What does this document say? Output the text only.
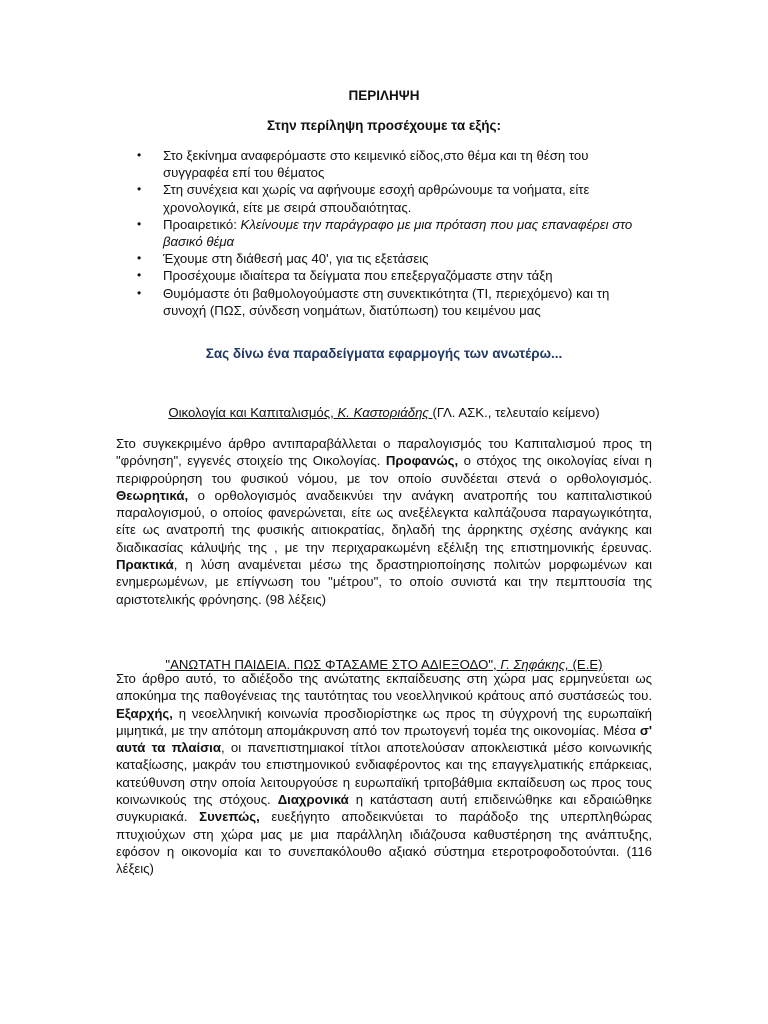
ΠΕΡΙΛΗΨΗ
Στην περίληψη προσέχουμε τα εξής:
• Στο ξεκίνημα αναφερόμαστε στο κειμενικό είδος,στο θέμα και τη θέση του συγγραφέα επί του θέματος
• Στη συνέχεια και χωρίς να αφήνουμε εσοχή αρθρώνουμε τα νοήματα, είτε χρονολογικά, είτε με σειρά σπουδαιότητας.
• Προαιρετικό: Κλείνουμε την παράγραφο με μια πρόταση που μας επαναφέρει στο βασικό θέμα
• Έχουμε στη διάθεσή μας 40', για τις εξετάσεις
• Προσέχουμε ιδιαίτερα τα δείγματα που επεξεργαζόμαστε στην τάξη
• Θυμόμαστε ότι βαθμολογούμαστε στη συνεκτικότητα (ΤΙ, περιεχόμενο) και τη συνοχή (ΠΩΣ, σύνδεση νοημάτων, διατύπωση) του κειμένου μας
Σας δίνω ένα παραδείγματα εφαρμογής των ανωτέρω...
Οικολογία και Καπιταλισμός, Κ. Καστοριάδης (ΓΛ. ΑΣΚ., τελευταίο κείμενο)

Στο συγκεκριμένο άρθρο αντιπαραβάλλεται ο παραλογισμός του Καπιταλισμού προς τη "φρόνηση", εγγενές στοιχείο της Οικολογίας. Προφανώς, ο στόχος της οικολογίας είναι η περιφρούρηση του φυσικού νόμου, με τον οποίο συνδέεται στενά ο ορθολογισμός. Θεωρητικά, ο ορθολογισμός αναδεικνύει την ανάγκη ανατροπής του καπιταλιστικού παραλογισμού, ο οποίος φανερώνεται, είτε ως ανεξέλεγκτα καλπάζουσα παραγωγικότητα, είτε ως ανατροπή της φυσικής αιτιοκρατίας, δηλαδή της άρρηκτης σχέσης ανάγκης και διαδικασίας κάλυψής της , με την περιχαρακωμένη εξέλιξη της επιστημονικής έρευνας. Πρακτικά, η λύση αναμένεται μέσω της δραστηριοποίησης πολιτών μορφωμένων και ενημερωμένων, με επίγνωση του "μέτρου", το οποίο συνιστά και την πεμπτουσία της αριστοτελικής φρόνησης. (98 λέξεις)

"ΑΝΩΤΑΤΗ ΠΑΙΔΕΙΑ. ΠΩΣ ΦΤΑΣΑΜΕ ΣΤΟ ΑΔΙΕΞΟΔΟ", Γ. Σηφάκης, (Ε.Ε)

Στο άρθρο αυτό, το αδιέξοδο της ανώτατης εκπαίδευσης στη χώρα μας ερμηνεύεται ως αποκύημα της παθογένειας της ταυτότητας του νεοελληνικού κράτους από συστάσεώς του. Εξαρχής, η νεοελληνική κοινωνία προσδιορίστηκε ως προς τη σύγχρονή της ευρωπαϊκή μιμητικά, με την απότομη απομάκρυνση από τον πρωτογενή τομέα της οικονομίας. Μέσα σ' αυτά τα πλαίσια, οι πανεπιστημιακοί τίτλοι αποτελούσαν αποκλειστικά μέσο κοινωνικής καταξίωσης, μακράν του επιστημονικού ενδιαφέροντος και της επαγγελματικής επάρκειας, κατεύθυνση στην οποία λειτουργούσε η ευρωπαϊκή τριτοβάθμια εκπαίδευση ως προς τους κοινωνικούς της στόχους. Διαχρονικά η κατάσταση αυτή επιδεινώθηκε και εδραιώθηκε συγκυριακά. Συνεπώς, ευεξήγητο αποδεικνύεται το παράδοξο της υπερπληθώρας πτυχιούχων στη χώρα μας με μια παράλληλη ιδιάζουσα καθυστέρηση της ανάπτυξης, εφόσον η οικονομία και το συνεπακόλουθο αξιακό σύστημα ετεροτροφοδοτούνται. (116 λέξεις)
